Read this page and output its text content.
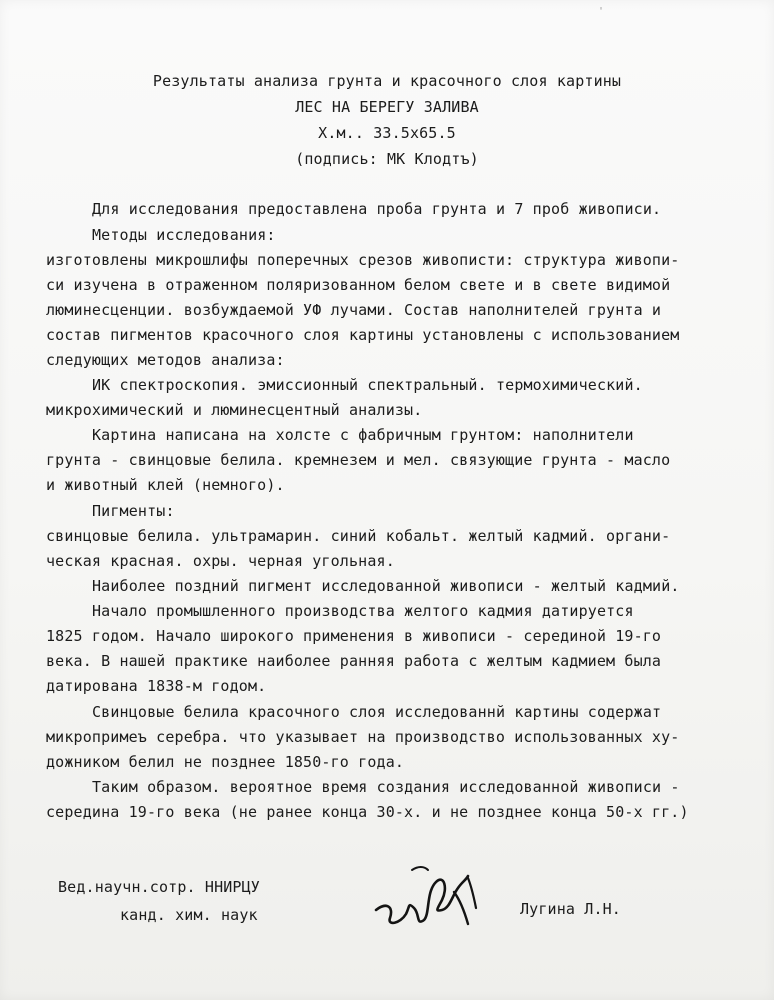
'
Результаты анализа грунта и красочного слоя картины
ЛЕС НА БЕРЕГУ ЗАЛИВА
Х.м.. 33.5х65.5
(подпись: МК Клодтъ)
Для исследования предоставлена проба грунта и 7 проб живописи.
Методы исследования:
изготовлены микрошлифы поперечных срезов живописти: структура живопи-
си изучена в отраженном поляризованном белом свете и в свете видимой
люминесценции. возбуждаемой УФ лучами. Состав наполнителей грунта и
состав пигментов красочного слоя картины установлены с использованием
следующих методов анализа:
ИК спектроскопия. эмиссионный спектральный. термохимический.
микрохимический и люминесцентный анализы.
Картина написана на холсте с фабричным грунтом: наполнители
грунта - свинцовые белила. кремнезем и мел. связующие грунта - масло
и животный клей (немного).
Пигменты:
свинцовые белила. ультрамарин. синий кобальт. желтый кадмий. органи-
ческая красная. охры. черная угольная.
Наиболее поздний пигмент исследованной живописи - желтый кадмий.
Начало промышленного производства желтого кадмия датируется
1825 годом. Начало широкого применения в живописи - серединой 19-го
века. В нашей практике наиболее ранняя работа с желтым кадмием была
датирована 1838-м годом.
Свинцовые белила красочного слоя исследованнй картины содержат
микропримеъ серебра. что указывает на производство использованных ху-
дожником белил не позднее 1850-го года.
Таким образом. вероятное время создания исследованной живописи -
середина 19-го века (не ранее конца 30-х. и не позднее конца 50-х гг.)
Вед.научн.сотр. ННИРЦУ
канд. хим. наук	Лугина Л.Н.
